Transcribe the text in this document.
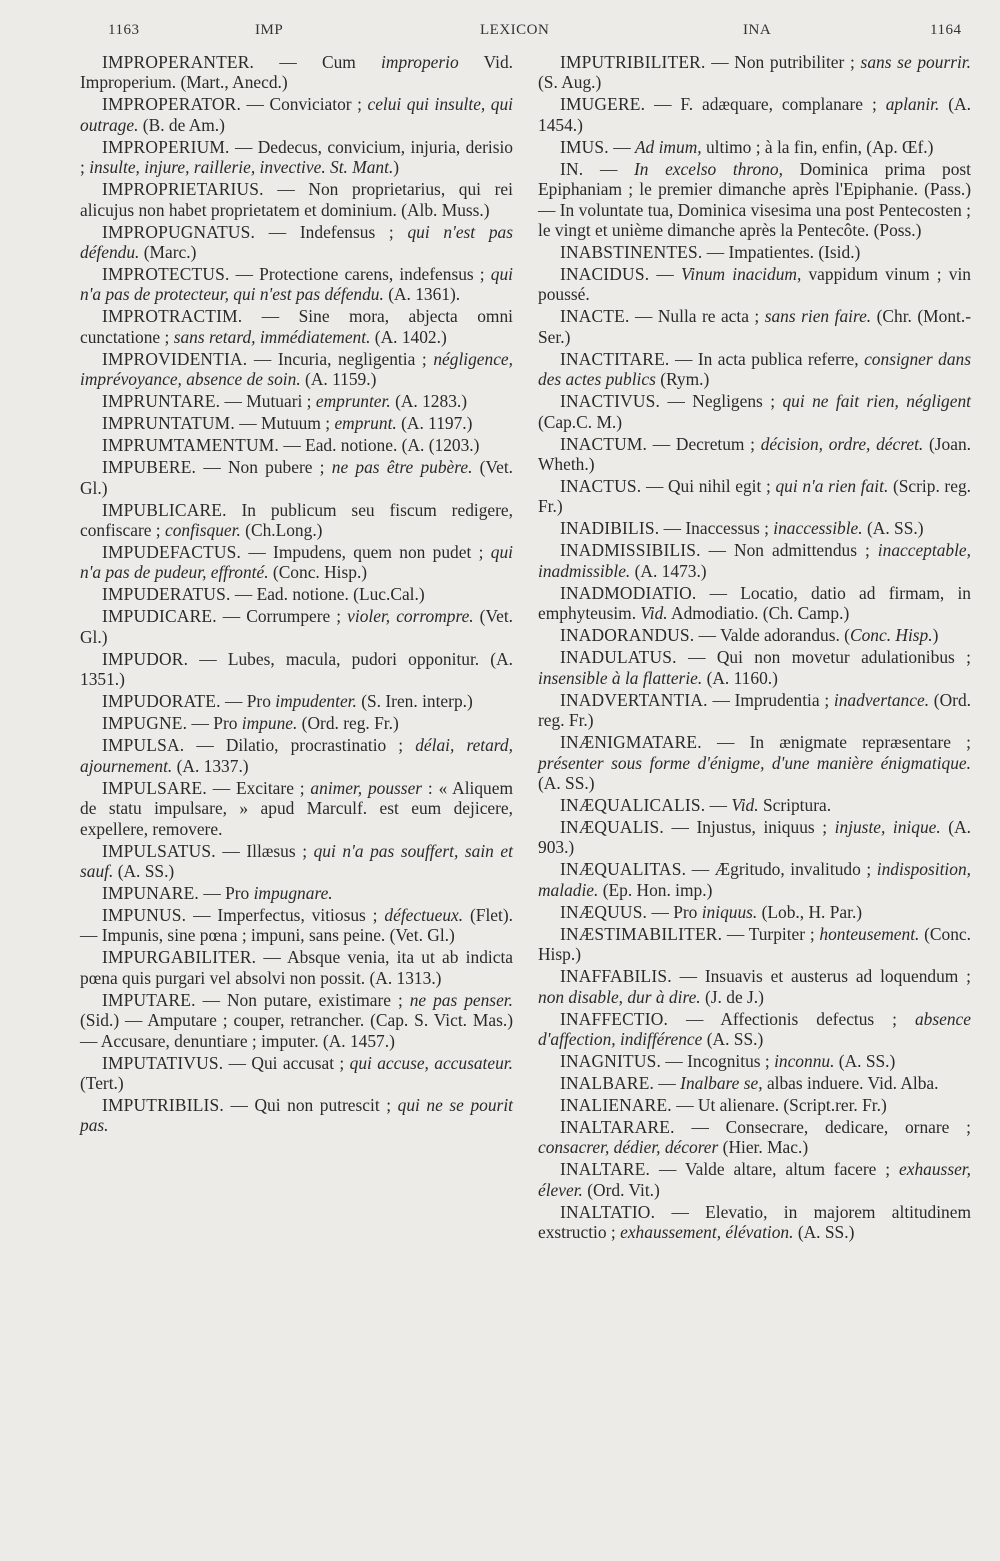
1163	IMP	LEXICON	INA	1164

IMPROPERANTER. — Cum improperio Vid. Improperium. (Mart., Anecd.)

IMPROPERATOR. — Conviciator ; celui qui insulte, qui outrage. (B. de Am.)

IMPROPERIUM. — Dedecus, convicium, injuria, derisio ; insulte, injure, raillerie, invective. St. Mant.)

IMPROPRIETARIUS. — Non proprietarius, qui rei alicujus non habet proprietatem et dominium. (Alb. Muss.)

IMPROPUGNATUS. — Indefensus ; qui n'est pas défendu. (Marc.)

IMPROTECTUS. — Protectione carens, indefensus ; qui n'a pas de protecteur, qui n'est pas défendu. (A. 1361).

IMPROTRACTIM. — Sine mora, abjecta omni cunctatione ; sans retard, immédiatement. (A. 1402.)

IMPROVIDENTIA. — Incuria, negligentia ; négligence, imprévoyance, absence de soin. (A. 1159.)

IMPRUNTARE. — Mutuari ; emprunter. (A. 1283.)

IMPRUNTATUM. — Mutuum ; emprunt. (A. 1197.)

IMPRUMTAMENTUM. — Ead. notione. (A. (1203.)

IMPUBERE. — Non pubere ; ne pas être pubère. (Vet. Gl.)

IMPUBLICARE. In publicum seu fiscum redigere, confiscare ; confisquer. (Ch.Long.)

IMPUDEFACTUS. — Impudens, quem non pudet ; qui n'a pas de pudeur, effronté. (Conc. Hisp.)

IMPUDERATUS. — Ead. notione. (Luc.Cal.)

IMPUDICARE. — Corrumpere ; violer, corrompre. (Vet. Gl.)

IMPUDOR. — Lubes, macula, pudori opponitur. (A. 1351.)

IMPUDORATE. — Pro impudenter. (S. Iren. interp.)

IMPUGNE. — Pro impune. (Ord. reg. Fr.)

IMPULSA. — Dilatio, procrastinatio ; délai, retard, ajournement. (A. 1337.)

IMPULSARE. — Excitare ; animer, pousser : « Aliquem de statu impulsare, » apud Marculf. est eum dejicere, expellere, removere.

IMPULSATUS. — Illæsus ; qui n'a pas souffert, sain et sauf. (A. SS.)

IMPUNARE. — Pro impugnare.

IMPUNUS. — Imperfectus, vitiosus ; défectueux. (Flet). — Impunis, sine pœna ; impuni, sans peine. (Vet. Gl.)

IMPURGABILITER. — Absque venia, ita ut ab indicta pœna quis purgari vel absolvi non possit. (A. 1313.)

IMPUTARE. — Non putare, existimare ; ne pas penser. (Sid.) — Amputare ; couper, retrancher. (Cap. S. Vict. Mas.) — Accusare, denuntiare ; imputer. (A. 1457.)

IMPUTATIVUS. — Qui accusat ; qui accuse, accusateur. (Tert.)

IMPUTRIBILIS. — Qui non putrescit ; qui ne se pourit pas.

IMPUTRIBILITER. — Non putribiliter ; sans se pourrir. (S. Aug.)

IMUGERE. — F. adæquare, complanare ; aplanir. (A. 1454.)

IMUS. — Ad imum, ultimo ; à la fin, enfin, (Ap. Œf.)

IN. — In excelso throno, Dominica prima post Epiphaniam ; le premier dimanche après l'Epiphanie. (Pass.) — In voluntate tua, Dominica visesima una post Pentecosten ; le vingt et unième dimanche après la Pentecôte. (Poss.)

INABSTINENTES. — Impatientes. (Isid.)

INACIDUS. — Vinum inacidum, vappidum vinum ; vin poussé.

INACTE. — Nulla re acta ; sans rien faire. (Chr. (Mont.-Ser.)

INACTITARE. — In acta publica referre, consigner dans des actes publics (Rym.)

INACTIVUS. — Negligens ; qui ne fait rien, négligent (Cap.C. M.)

INACTUM. — Decretum ; décision, ordre, décret. (Joan. Wheth.)

INACTUS. — Qui nihil egit ; qui n'a rien fait. (Scrip. reg. Fr.)

INADIBILIS. — Inaccessus ; inaccessible. (A. SS.)

INADMISSIBILIS. — Non admittendus ; inacceptable, inadmissible. (A. 1473.)

INADMODIATIO. — Locatio, datio ad firmam, in emphyteusim. Vid. Admodiatio. (Ch. Camp.)

INADORANDUS. — Valde adorandus. (Conc. Hisp.)

INADULATUS. — Qui non movetur adulationibus ; insensible à la flatterie. (A. 1160.)

INADVERTANTIA. — Imprudentia ; inadvertance. (Ord. reg. Fr.)

INÆNIGMATARE. — In ænigmate repræsentare ; présenter sous forme d'énigme, d'une manière énigmatique. (A. SS.)

INÆQUALICALIS. — Vid. Scriptura.

INÆQUALIS. — Injustus, iniquus ; injuste, inique. (A. 903.)

INÆQUALITAS. — Ægritudo, invalitudo ; indisposition, maladie. (Ep. Hon. imp.)

INÆQUUS. — Pro iniquus. (Lob., H. Par.)

INÆSTIMABILITER. — Turpiter ; honteusement. (Conc. Hisp.)

INAFFABILIS. — Insuavis et austerus ad loquendum ; non disable, dur à dire. (J. de J.)

INAFFECTIO. — Affectionis defectus ; absence d'affection, indifférence (A. SS.)

INAGNITUS. — Incognitus ; inconnu. (A. SS.)

INALBARE. — Inalbare se, albas induere. Vid. Alba.

INALIENARE. — Ut alienare. (Script.rer. Fr.)

INALTARARE. — Consecrare, dedicare, ornare ; consacrer, dédier, décorer (Hier. Mac.)

INALTARE. — Valde altare, altum facere ; exhausser, élever. (Ord. Vit.)

INALTATIO. — Elevatio, in majorem altitudinem exstructio ; exhaussement, élévation. (A. SS.)
